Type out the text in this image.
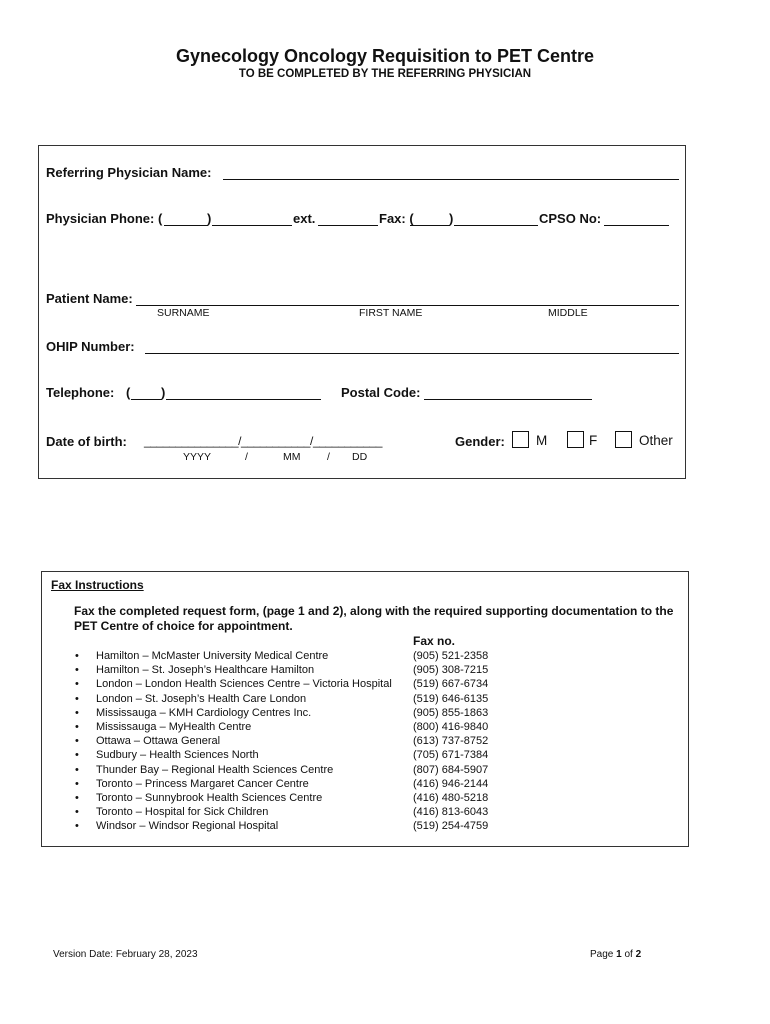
Gynecology Oncology Requisition to PET Centre
TO BE COMPLETED BY THE REFERRING PHYSICIAN
Referring Physician Name:
Physician Phone: (	)	ext.	Fax: (	)	CPSO No:
Patient Name:
SURNAME	FIRST NAME	MIDDLE
OHIP Number:
Telephone: ( )	Postal Code:
Date of birth: _______________/___________/___________
YYYY	/	MM	/ DD
Gender: M	F	Other
Fax Instructions
Fax the completed request form, (page 1 and 2), along with the required supporting documentation to the PET Centre of choice for appointment.
Fax no.
• Hamilton – McMaster University Medical Centre	(905) 521-2358
• Hamilton – St. Joseph’s Healthcare Hamilton	(905) 308-7215
• London – London Health Sciences Centre – Victoria Hospital (519) 667-6734
• London – St. Joseph’s Health Care London	(519) 646-6135
• Mississauga – KMH Cardiology Centres Inc.	(905) 855-1863
• Mississauga – MyHealth Centre	(800) 416-9840
• Ottawa – Ottawa General	(613) 737-8752
• Sudbury – Health Sciences North	(705) 671-7384
• Thunder Bay – Regional Health Sciences Centre	(807) 684-5907
• Toronto – Princess Margaret Cancer Centre	(416) 946-2144
• Toronto – Sunnybrook Health Sciences Centre	(416) 480-5218
• Toronto – Hospital for Sick Children	(416) 813-6043
• Windsor – Windsor Regional Hospital	(519) 254-4759
Version Date: February 28, 2023	Page 1 of 2
